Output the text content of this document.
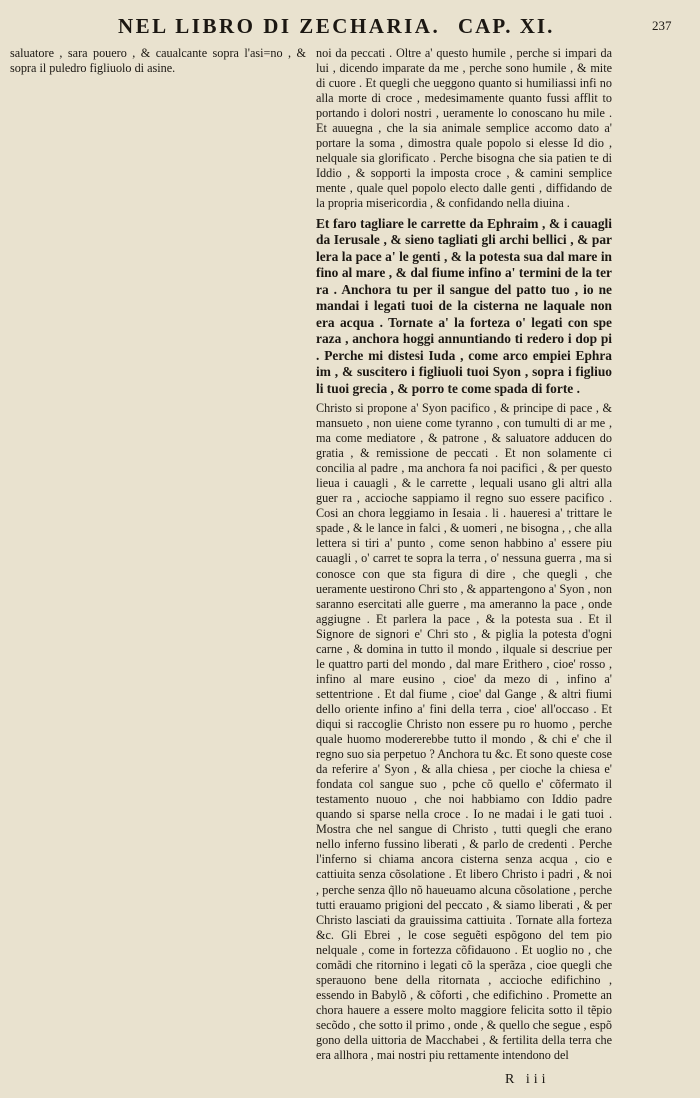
NEL LIBRO DI ZECHARIA. CAP. XI.	237

saluatore , sara pouero , & caualcante sopra l'asi=no , & sopra il puledro figliuolo di asine.

noi da peccati . Oltre a' questo humile , perche si impari da lui , dicendo imparate da me , perche sono humile , & mite di cuore . Et quegli che ueggono quanto si humiliassi infi no alla morte di croce , medesimamente quanto fussi afflit to portando i dolori nostri , ueramente lo conoscano hu mile . Et auuegna , che la sia animale semplice accomo dato a' portare la soma , dimostra quale popolo si elesse Id dio , nelquale sia glorificato . Perche bisogna che sia patien te di Iddio , & sopporti la imposta croce , & camini semplice mente , quale quel popolo electo dalle genti , diffidando de la propria misericordia , & confidando nella diuina .

Et faro tagliare le carrette da Ephraim , & i cauagli da Ierusale , & sieno tagliati gli archi bellici , & par lera la pace a' le genti , & la potesta sua dal mare in fino al mare , & dal fiume infino a' termini de la ter ra . Anchora tu per il sangue del patto tuo , io ne mandai i legati tuoi de la cisterna ne laquale non era acqua . Tornate a' la forteza o' legati con spe raza , anchora hoggi annuntiando ti redero i dop pi . Perche mi distesi Iuda , come arco empiei Ephra im , & suscitero i figliuoli tuoi Syon , sopra i figliuo li tuoi grecia , & porro te come spada di forte .

Christo si propone a' Syon pacifico , & principe di pace , & mansueto , non uiene come tyranno , con tumulti di ar me , ma come mediatore , & patrone , & saluatore adducen do gratia , & remissione de peccati . Et non solamente ci concilia al padre , ma anchora fa noi pacifici , & per questo lieua i cauagli , & le carrette , lequali usano gli altri alla guer ra , accioche sappiamo il regno suo essere pacifico . Cosi an chora leggiamo in Iesaia . li . haueresi a' trittare le spade , & le lance in falci , & uomeri , ne bisogna , , che alla lettera si tiri a' punto , come senon habbino a' essere piu cauagli , o' carret te sopra la terra , o' nessuna guerra , ma si conosce con que sta figura di dire , che quegli , che ueramente uestirono Chri sto , & appartengono a' Syon , non saranno esercitati alle guerre , ma ameranno la pace , onde aggiugne . Et parlera la pace , & la potesta sua . Et il Signore de signori e' Chri sto , & piglia la potesta d'ogni carne , & domina in tutto il mondo , ilquale si descriue per le quattro parti del mondo , dal mare Erithero , cioe' rosso , infino al mare eusino , cioe' da mezo di , infino a' settentrione . Et dal fiume , cioe' dal Gange , & altri fiumi dello oriente infino a' fini della terra , cioe' all'occaso . Et diqui si raccoglie Christo non essere pu ro huomo , perche quale huomo modererebbe tutto il mondo , & chi e' che il regno suo sia perpetuo ? Anchora tu &c. Et sono queste cose da referire a' Syon , & alla chiesa , per cioche la chiesa e' fondata col sangue suo , pche cõ quello e' cõfermato il testamento nuouo , che noi habbiamo con Iddio padre quando si sparse nella croce . Io ne madai i le gati tuoi . Mostra che nel sangue di Christo , tutti quegli che erano nello inferno fussino liberati , & parlo de credenti . Perche l'inferno si chiama ancora cisterna senza acqua , cio e cattiuita senza cõsolatione . Et libero Christo i padri , & noi , perche senza q̃llo nõ haueuamo alcuna cõsolatione , perche tutti erauamo prigioni del peccato , & siamo liberati , & per Christo lasciati da grauissima cattiuita . Tornate alla forteza &c. Gli Ebrei , le cose seguẽti espõgono del tem pio nelquale , come in fortezza cõfidauono . Et uoglio no , che comãdi che ritornino i legati cõ la sperãza , cioe quegli che sperauono bene della ritornata , accioche edifichino , essendo in Babylõ , & cõforti , che edifichino . Promette an chora hauere a essere molto maggiore felicita sotto il tẽpio secõdo , che sotto il primo , onde , & quello che segue , espõ gono della uittoria de Macchabei , & fertilita della terra che era allhora , mai nostri piu rettamente intendono del

R iii
